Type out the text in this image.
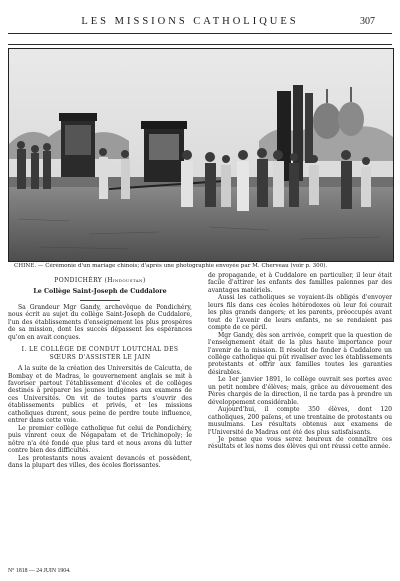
LES MISSIONS CATHOLIQUES	307
CHINE. — Cérémonie d'un mariage chinois; d'après une photographie envoyée par M. Cherveau (voir p. 300).

PONDICHÉRY (Hindoustan)

Le Collège Saint-Joseph de Cuddalore

Sa Grandeur Mgr Gandy, archevêque de Pondichéry, nous écrit au sujet du collège Saint-Joseph de Cuddalore, l'un des établissements d'enseignement les plus prospères de sa mission, dont les succès dépassent les espérances qu'on en avait conçues.

I. LE COLLÈGE DE CONDUT LOUTCHAL DES SŒURS D'ASSISTER LE JAIN

A la suite de la création des Universités de Calcutta, de Bombay et de Madras, le gouvernement anglais se mit à favoriser partout l'établissement d'écoles et de collèges destinés à préparer les jeunes indigènes aux examens de ces Universités. On vit de toutes parts s'ouvrir des établissements publics et privés, et les missions catholiques durent, sous peine de perdre toute influence, entrer dans cette voie.

Le premier collège catholique fut celui de Pondichéry, puis vinrent ceux de Négapatam et de Trichinopoly; le nôtre n'a été fondé que plus tard et nous avons dû lutter contre bien des difficultés.

Les protestants nous avaient devancés et possèdent, dans la plupart des villes, des écoles florissantes.

de propagande, et à Cuddalore en particulier, il leur était facile d'attirer les enfants des familles païennes par des avantages matériels.

Aussi les catholiques se voyaient-ils obligés d'envoyer leurs fils dans ces écoles hétérodoxes où leur foi courait les plus grands dangers; et les parents, préoccupés avant tout de l'avenir de leurs enfants, ne se rendaient pas compte de ce péril.

Mgr Gandy, dès son arrivée, comprit que la question de l'enseignement était de la plus haute importance pour l'avenir de la mission. Il résolut de fonder à Cuddalore un collège catholique qui pût rivaliser avec les établissements protestants et offrir aux familles toutes les garanties désirables.

Le 1er janvier 1891, le collège ouvrait ses portes avec un petit nombre d'élèves; mais, grâce au dévouement des Pères chargés de la direction, il ne tarda pas à prendre un développement considérable.

Aujourd'hui, il compte 350 élèves, dont 120 catholiques, 200 païens, et une trentaine de protestants ou musulmans. Les résultats obtenus aux examens de l'Université de Madras ont été des plus satisfaisants.

Je pense que vous serez heureux de connaître ces résultats et les noms des élèves qui ont réussi cette année.

N° 1818 — 24 JUIN 1904.
